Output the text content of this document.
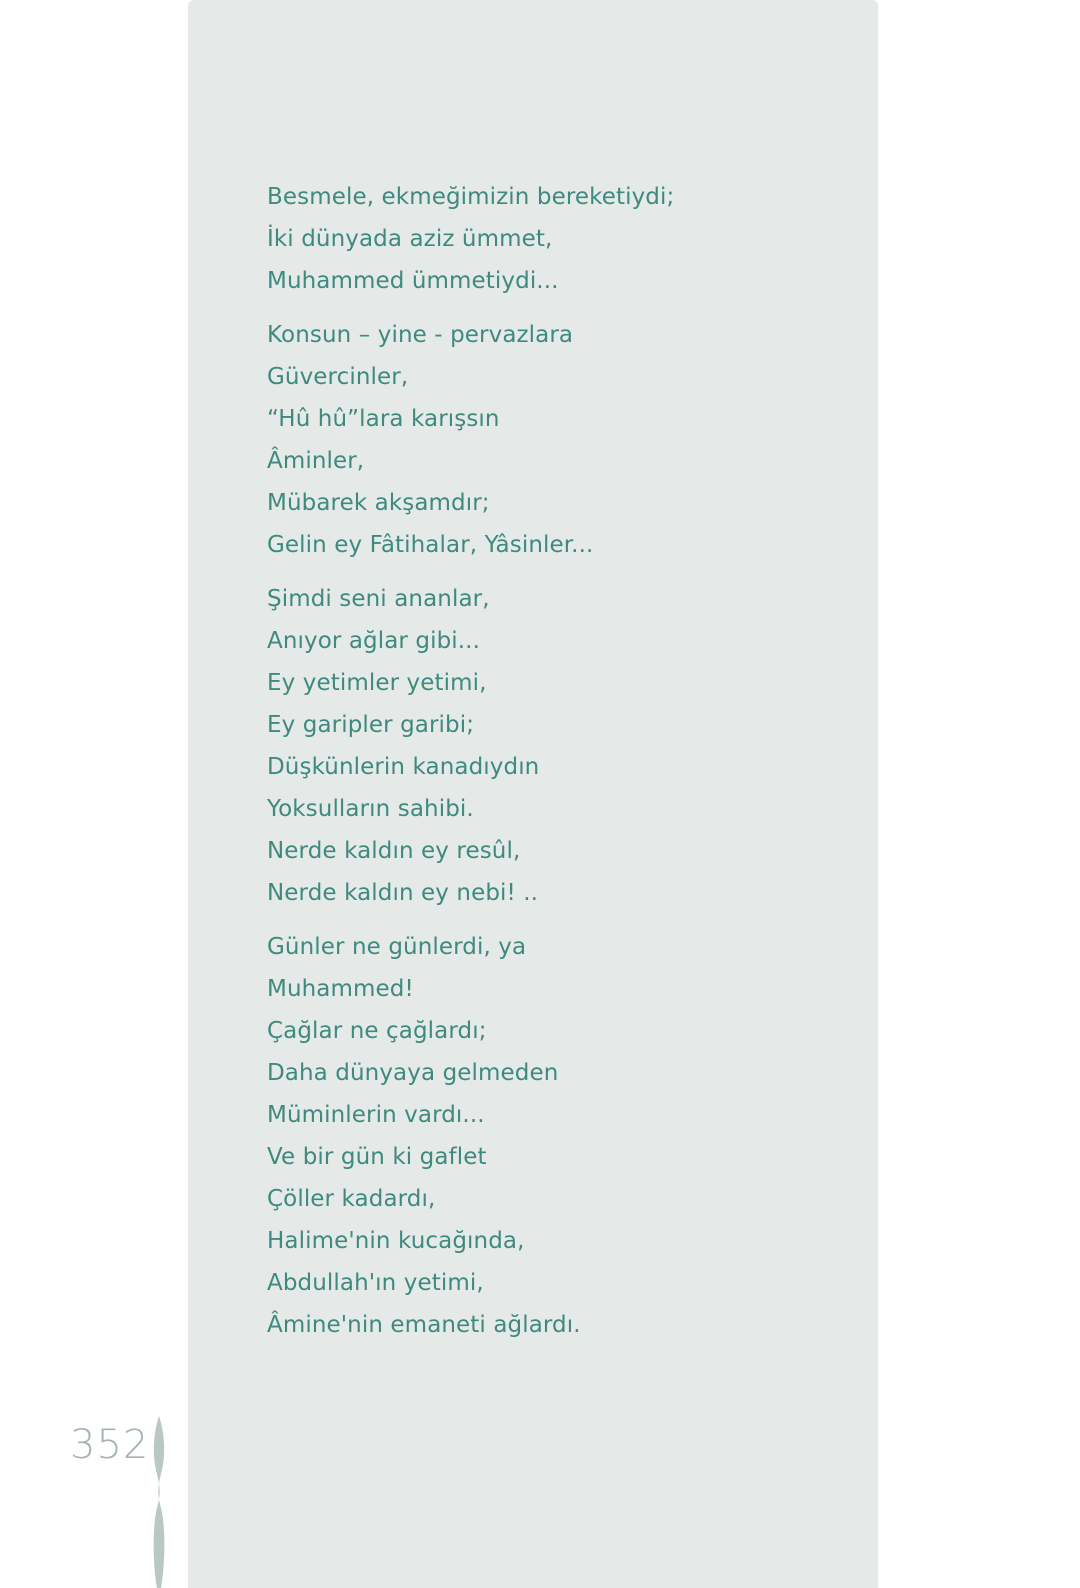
Besmele, ekmeğimizin bereketiydi;
İki dünyada aziz ümmet,
Muhammed ümmetiydi...
Konsun – yine - pervazlara
Güvercinler,
“Hû hû”lara karışsın
Âminler,
Mübarek akşamdır;
Gelin ey Fâtihalar, Yâsinler...
Şimdi seni ananlar,
Anıyor ağlar gibi...
Ey yetimler yetimi,
Ey garipler garibi;
Düşkünlerin kanadıydın
Yoksulların sahibi.
Nerde kaldın ey resûl,
Nerde kaldın ey nebi! ..
Günler ne günlerdi, ya
Muhammed!
Çağlar ne çağlardı;
Daha dünyaya gelmeden
Müminlerin vardı...
Ve bir gün ki gaflet
Çöller kadardı,
Halime'nin kucağında,
Abdullah'ın yetimi,
Âmine'nin emaneti ağlardı.
352
